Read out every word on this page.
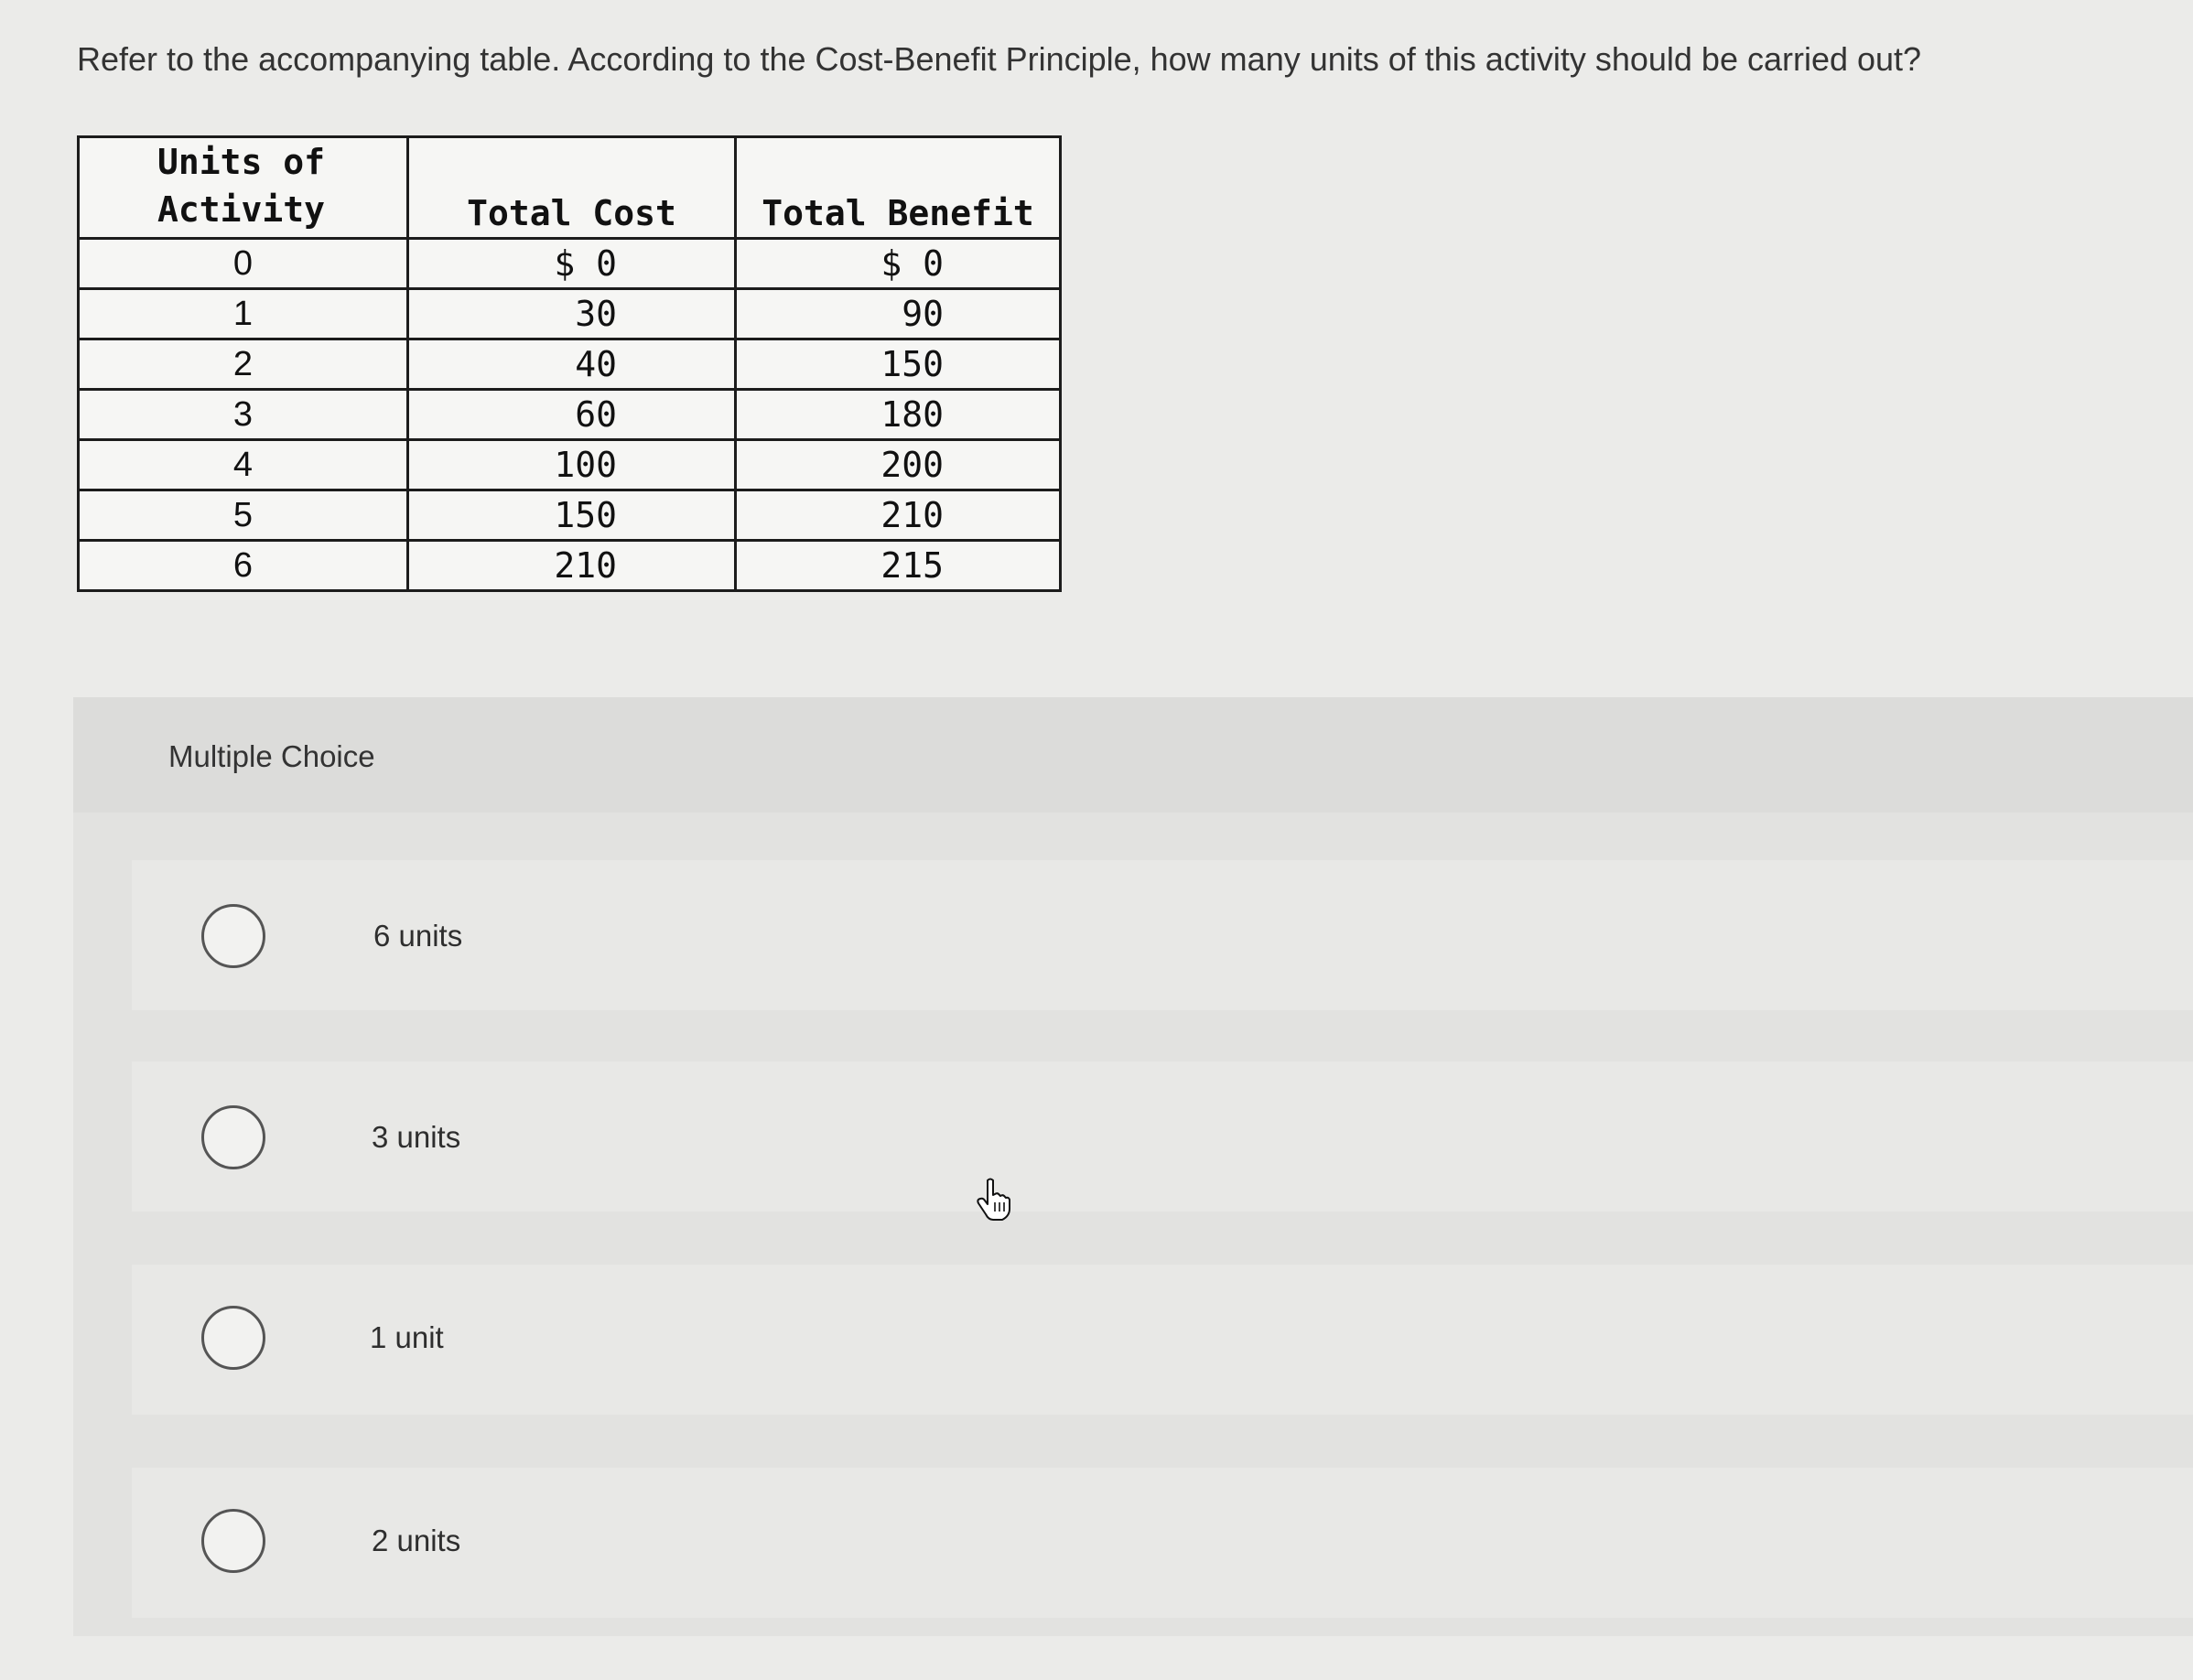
Refer to the accompanying table. According to the Cost-Benefit Principle, how many units of this activity should be carried out?
Units of
Activity	Total Cost	Total Benefit
0	$ 0	$ 0
1	30	90
2	40	150
3	60	180
4	100	200
5	150	210
6	210	215
Multiple Choice
6 units
3 units
1 unit
2 units
